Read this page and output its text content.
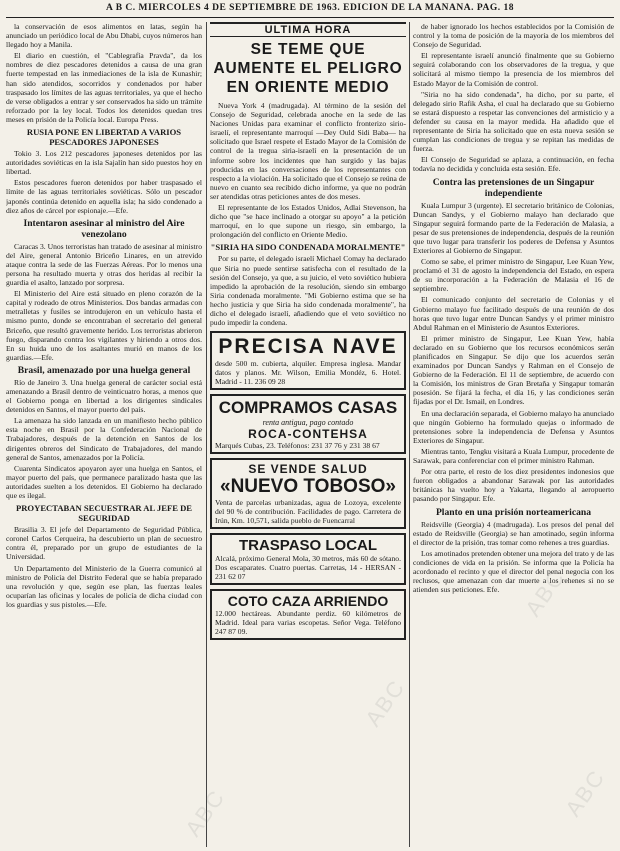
A B C. MIERCOLES 4 DE SEPTIEMBRE DE 1963. EDICION DE LA MAÑANA. PAG. 18

la conservación de esos alimentos en latas, según ha anunciado un periódico local de Abu Dhabi, cuyos números han llegado hoy a Manila.

El diario en cuestión, el "Cablegrafía Pravda", da los nombres de diez pescadores detenidos a causa de una gran fuerte tempestad en las inmediaciones de la isla de Kunashir; han sido atendidos, socorridos y condenados por haber traspasado los límites de las aguas territoriales, ya que el hecho de verse obligados a entrar y ser conservados ha sido un trámite reforzado por la ley local. Todos los detenidos quedan tres meses en prisión de la Policía local. Europa Press.

RUSIA PONE EN LIBERTAD A VARIOS PESCADORES JAPONESES

Tokio 3. Los 212 pescadores japoneses detenidos por las autoridades soviéticas en la isla Sajalín han sido puestos hoy en libertad.

Estos pescadores fueron detenidos por haber traspasado el límite de las aguas territoriales soviéticas. Sólo un pescador japonés continúa detenido en aquella isla; ha sido condenado a diez años de cárcel por espionaje.—Efe.

Intentaron asesinar al ministro del Aire venezolano

Caracas 3. Unos terroristas han tratado de asesinar al ministro del Aire, general Antonio Briceño Linares, en un atrevido ataque contra la sede de las Fuerzas Aéreas. Por lo menos una persona ha resultado muerta y otras dos heridas al recibir la guardia el asalto, lanzado por sorpresa.

El Ministerio del Aire está situado en pleno corazón de la capital y rodeado de otros Ministerios. Dos bandas armadas con metralletas y fusiles se introdujeron en un vehículo hasta el mismo punto, donde se encontraban el secretario del general Briceño, que resultó gravemente herido. Los terroristas abrieron fuego, disparando contra los vigilantes y hiriendo a otros dos. En su huida uno de los asaltantes murió en manos de los guardias.—Efe.

Brasil, amenazado por una huelga general

Río de Janeiro 3. Una huelga general de carácter social está amenazando a Brasil dentro de veinticuatro horas, a menos que el Gobierno ponga en libertad a los dirigentes sindicales detenidos en Santos, el mayor puerto del país.

La amenaza ha sido lanzada en un manifiesto hecho público esta noche en Brasil por la Confederación Nacional de Trabajadores, después de la detención en Santos de los dirigentes obreros del Sindicato de Trabajadores, del mando general de Santos, amenazados por la Policía.

Cuarenta Sindicatos apoyaron ayer una huelga en Santos, el mayor puerto del país, que permanece paralizado hasta que las autoridades suelten a los detenidos. El Gobierno ha declarado que es ilegal.

PROYECTABAN SECUESTRAR AL JEFE DE SEGURIDAD

Brasilia 3. El jefe del Departamento de Seguridad Pública, coronel Carlos Cerqueira, ha descubierto un plan de secuestro contra él, preparado por un grupo de estudiantes de la Universidad.

Un Departamento del Ministerio de la Guerra comunicó al ministro de Policía del Distrito Federal que se había preparado una revolución y que, según ese plan, las fuerzas leales ocuparían las oficinas y locales de policía de dicha ciudad con los guardias y sus pistoles.—Efe.

ULTIMA HORA
SE TEME QUE AUMENTE EL PELIGRO EN ORIENTE MEDIO

Nueva York 4 (madrugada). Al término de la sesión del Consejo de Seguridad, celebrada anoche en la sede de las Naciones Unidas para examinar el conflicto fronterizo sirio-israelí, el representante marroquí —Dey Ould Sidi Baba— ha solicitado que Israel respete el Estado Mayor de la Comisión de control de la tregua siria-israelí en la presentación de un informe sobre los incidentes que han surgido y las bajas producidas en las conversaciones de los representantes con respecto a la violación. Ha solicitado que el Consejo se reúna de nuevo en cuanto sea recibido dicho informe, ya que no podrán ser atendidas otras peticiones antes de dos meses.

El representante de los Estados Unidos, Adlai Stevenson, ha dicho que "se hace inclinado a otorgar su apoyo" a la petición marroquí, en lo que supone un riesgo, sin embargo, la prolongación del conflicto en Oriente Medio.

"SIRIA HA SIDO CONDENADA MORALMENTE"

Por su parte, el delegado israelí Michael Comay ha declarado que Siria no puede sentirse satisfecha con el resultado de la sesión del Consejo, ya que, a su juicio, el veto soviético hubiera impedido la aprobación de la resolución, siendo sin embargo Siria condenada moralmente. "Mi Gobierno estima que se ha hecho justicia y que Siria ha sido condenada moralmente", ha dicho el delegado israelí, añadiendo que el veto soviético no pudo impedir la condena.

PRECISA NAVE
desde 500 m. cubierta, alquiler. Empresa inglesa. Mandar datos y planos. Mr. Wilson, Emilia Mondéz, 6. Hotel. Madrid - 11. 236 09 28
COMPRAMOS CASAS
renta antigua, pago contado
ROCA-CONTEHSA
Marqués Cubas, 23. Teléfonos: 231 37 76 y 231 38 67
SE VENDE SALUD
«NUEVO TOBOSO»
Venta de parcelas urbanizadas, agua de Lozoya, excelente del 90 % de contribución. Facilidades de pago. Carretera de Irún, Km. 10,571, salida pueblo de Fuencarral
TRASPASO LOCAL
Alcalá, próximo General Mola, 30 metros, más 60 de sótano. Dos escaparates. Cuatro puertas. Carretas, 14 - HERSAN - 231 62 07
COTO CAZA ARRIENDO
12.000 hectáreas. Abundante perdiz. 60 kilómetros de Madrid. Ideal para varias escopetas. Señor Vega. Teléfono 247 87 09.

de haber ignorado los hechos establecidos por la Comisión de control y la toma de posición de la mayoría de los miembros del Consejo de Seguridad.

El representante israelí anunció finalmente que su Gobierno seguirá colaborando con los observadores de la tregua, y que solicitará al mismo tiempo la presencia de los miembros del Estado Mayor de la Comisión de control.

"Siria no ha sido condenada", ha dicho, por su parte, el delegado sirio Rafik Asha, el cual ha declarado que su Gobierno se estará dispuesto a respetar las convenciones del armisticio y a defender su causa en la mayor medida. Ha añadido que el representante de Siria ha solicitado que en esta nueva sesión se cumplan las condiciones de tregua y se repitan las medidas de fuerza.

El Consejo de Seguridad se aplaza, a continuación, en fecha todavía no decidida y concluida esta sesión. Efe.

Contra las pretensiones de un Singapur independiente

Kuala Lumpur 3 (urgente). El secretario británico de Colonias, Duncan Sandys, y el Gobierno malayo han declarado que Singapur seguirá formando parte de la Federación de Malasia, a pesar de sus pretensiones de independencia, después de la reunión que tuvo lugar para transferir los poderes de Defensa y Asuntos Exteriores al Gobierno de Singapur.

Como se sabe, el primer ministro de Singapur, Lee Kuan Yew, proclamó el 31 de agosto la independencia del Estado, en espera de su incorporación a la Federación de Malasia el 16 de septiembre.

El comunicado conjunto del secretario de Colonias y el Gobierno malayo fue facilitado después de una reunión de dos horas que tuvo lugar entre Duncan Sandys y el primer ministro Abdul Rahman en el Ministerio de Asuntos Exteriores.

El primer ministro de Singapur, Lee Kuan Yew, había declarado en su Gobierno que los recursos económicos serán planificados en Singapur. Se dijo que los acuerdos serán examinados por Duncan Sandys y Rahman en el Consejo de Gobierno de la Federación. El 11 de septiembre, de acuerdo con la Comisión, los ministros de Gran Bretaña y Singapur tomarán posesión. Se fijará la fecha, el día 16, y las condiciones serán fijadas por el Dr. Ismail, en Londres.

En una declaración separada, el Gobierno malayo ha anunciado que ningún Gobierno ha formulado quejas o informado de pretensiones sobre la independencia de Defensa y Asuntos Exteriores de Singapur.

Mientras tanto, Tengku visitará a Kuala Lumpur, procedente de Sarawak, para conferenciar con el primer ministro Rahman.

Por otra parte, el resto de los diez presidentes indonesios que fueron obligados a abandonar Sarawak por las autoridades británicas ha vuelto hoy a Yakarta, llegando al aeropuerto pasando por Singapur. Efe.

Planto en una prisión norteamericana

Reidsville (Georgia) 4 (madrugada). Los presos del penal del estado de Reidsville (Georgia) se han amotinado, según informa el director de la prisión, tras tomar como rehenes a tres guardias.

Los amotinados pretenden obtener una mejora del trato y de las condiciones de vida en la prisión. Se informa que la Policía ha acordonado el recinto y que el director del penal negocia con los reclusos, que amenazan con dar muerte a los rehenes si no se atienden sus peticiones. Efe.

ABC
ABC
ABC
ABC
